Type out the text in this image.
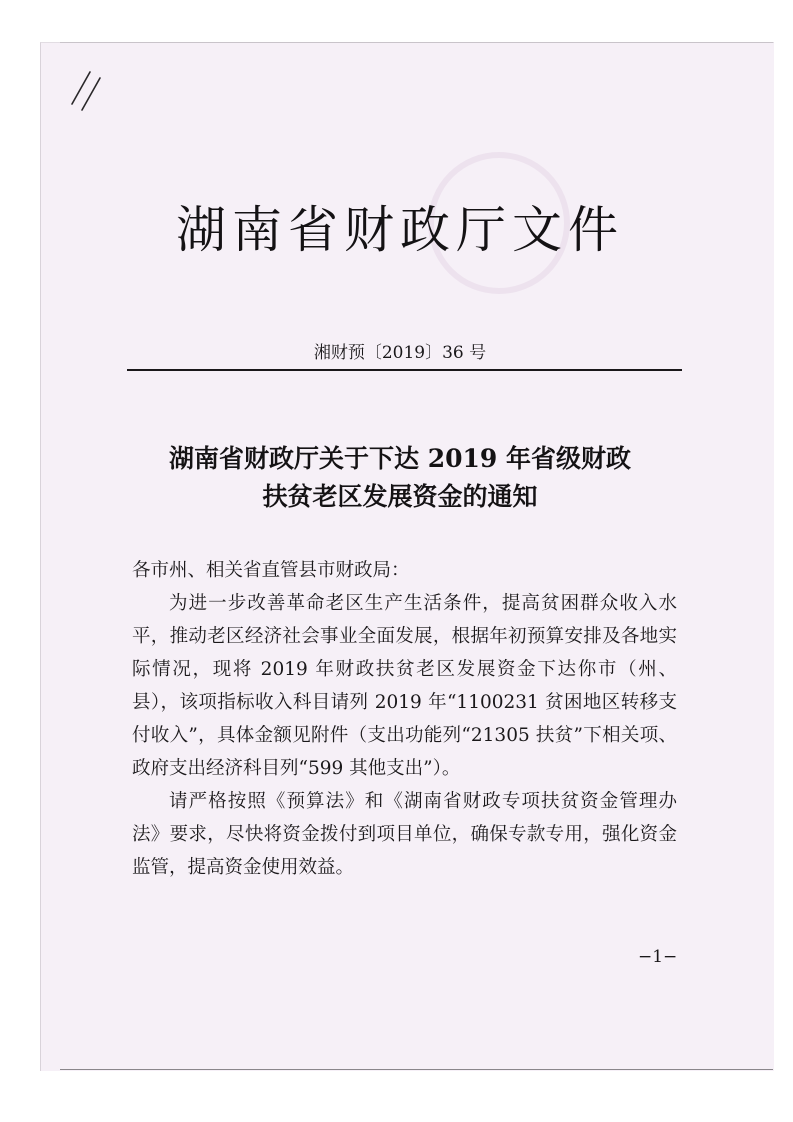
湖南省财政厅文件
湘财预〔2019〕36 号
湖南省财政厅关于下达 2019 年省级财政
扶贫老区发展资金的通知

各市州、相关省直管县市财政局：

为进一步改善革命老区生产生活条件，提高贫困群众收入水平，推动老区经济社会事业全面发展，根据年初预算安排及各地实际情况，现将 2019 年财政扶贫老区发展资金下达你市（州、县），该项指标收入科目请列 2019 年“1100231 贫困地区转移支付收入”，具体金额见附件（支出功能列“21305 扶贫”下相关项、政府支出经济科目列“599 其他支出”）。

请严格按照《预算法》和《湖南省财政专项扶贫资金管理办法》要求，尽快将资金拨付到项目单位，确保专款专用，强化资金监管，提高资金使用效益。

−1−
